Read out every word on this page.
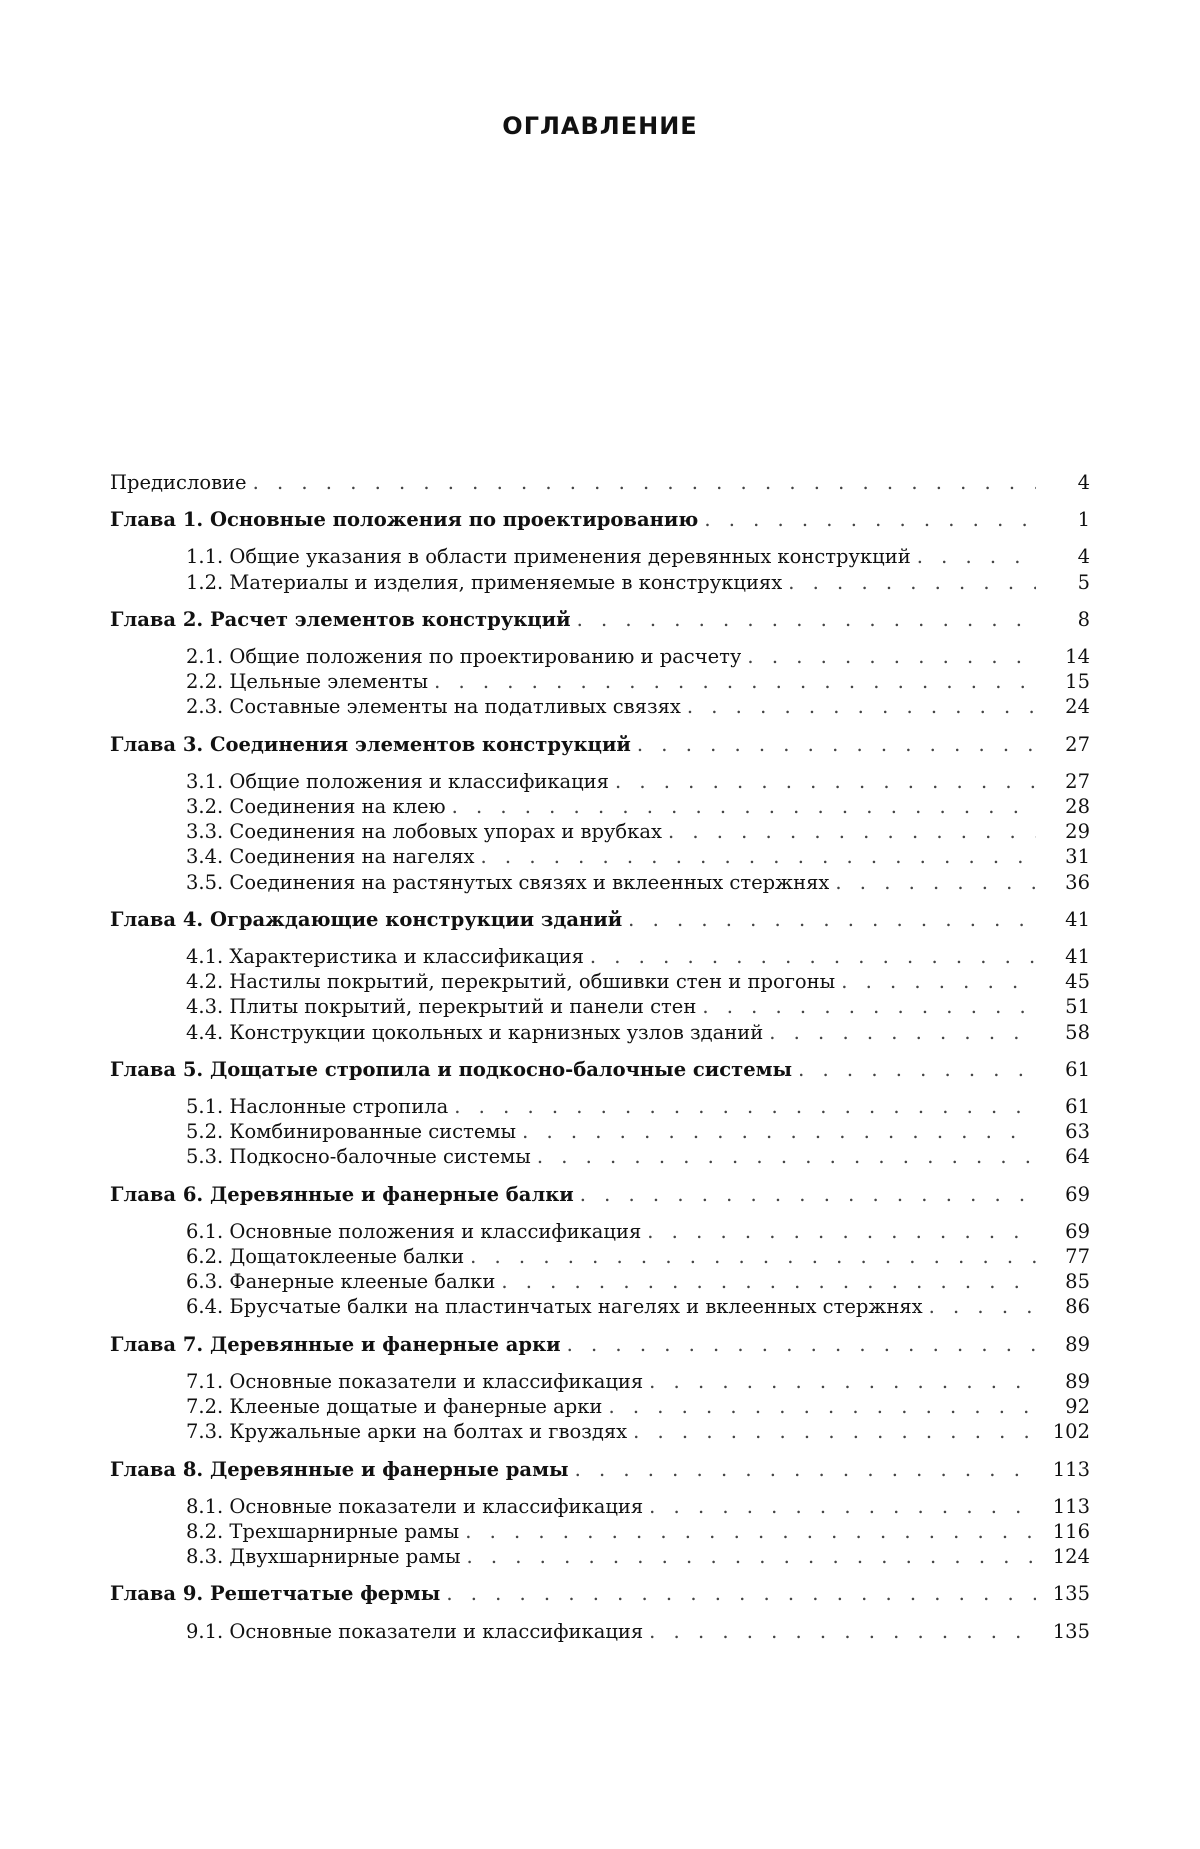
ОГЛАВЛЕНИЕ
Предисловие . . .	4
Глава 1. Основные положения по проектированию . . .	1
1.1. Общие указания в области применения деревянных конструкций . . .	4
1.2. Материалы и изделия, применяемые в конструкциях . . .	5
Глава 2. Расчет элементов конструкций . . .	8
2.1. Общие положения по проектированию и расчету . . .	14
2.2. Цельные элементы . . .	15
2.3. Составные элементы на податливых связях . . .	24
Глава 3. Соединения элементов конструкций . . .	27
3.1. Общие положения и классификация . . .	27
3.2. Соединения на клею . . .	28
3.3. Соединения на лобовых упорах и врубках . . .	29
3.4. Соединения на нагелях . . .	31
3.5. Соединения на растянутых связях и вклеенных стержнях . . .	36
Глава 4. Ограждающие конструкции зданий . . .	41
4.1. Характеристика и классификация . . .	41
4.2. Настилы покрытий, перекрытий, обшивки стен и прогоны . . .	45
4.3. Плиты покрытий, перекрытий и панели стен . . .	51
4.4. Конструкции цокольных и карнизных узлов зданий . . .	58
Глава 5. Дощатые стропила и подкосно-балочные системы . . .	61
5.1. Наслонные стропила . . .	61
5.2. Комбинированные системы . . .	63
5.3. Подкосно-балочные системы . . .	64
Глава 6. Деревянные и фанерные балки . . .	69
6.1. Основные положения и классификация . . .	69
6.2. Дощатоклееные балки . . .	77
6.3. Фанерные клееные балки . . .	85
6.4. Брусчатые балки на пластинчатых нагелях и вклеенных стержнях . . .	86
Глава 7. Деревянные и фанерные арки . . .	89
7.1. Основные показатели и классификация . . .	89
7.2. Клееные дощатые и фанерные арки . . .	92
7.3. Кружальные арки на болтах и гвоздях . . .	102
Глава 8. Деревянные и фанерные рамы . . .	113
8.1. Основные показатели и классификация . . .	113
8.2. Трехшарнирные рамы . . .	116
8.3. Двухшарнирные рамы . . .	124
Глава 9. Решетчатые фермы . . .	135
9.1. Основные показатели и классификация . . .	135
